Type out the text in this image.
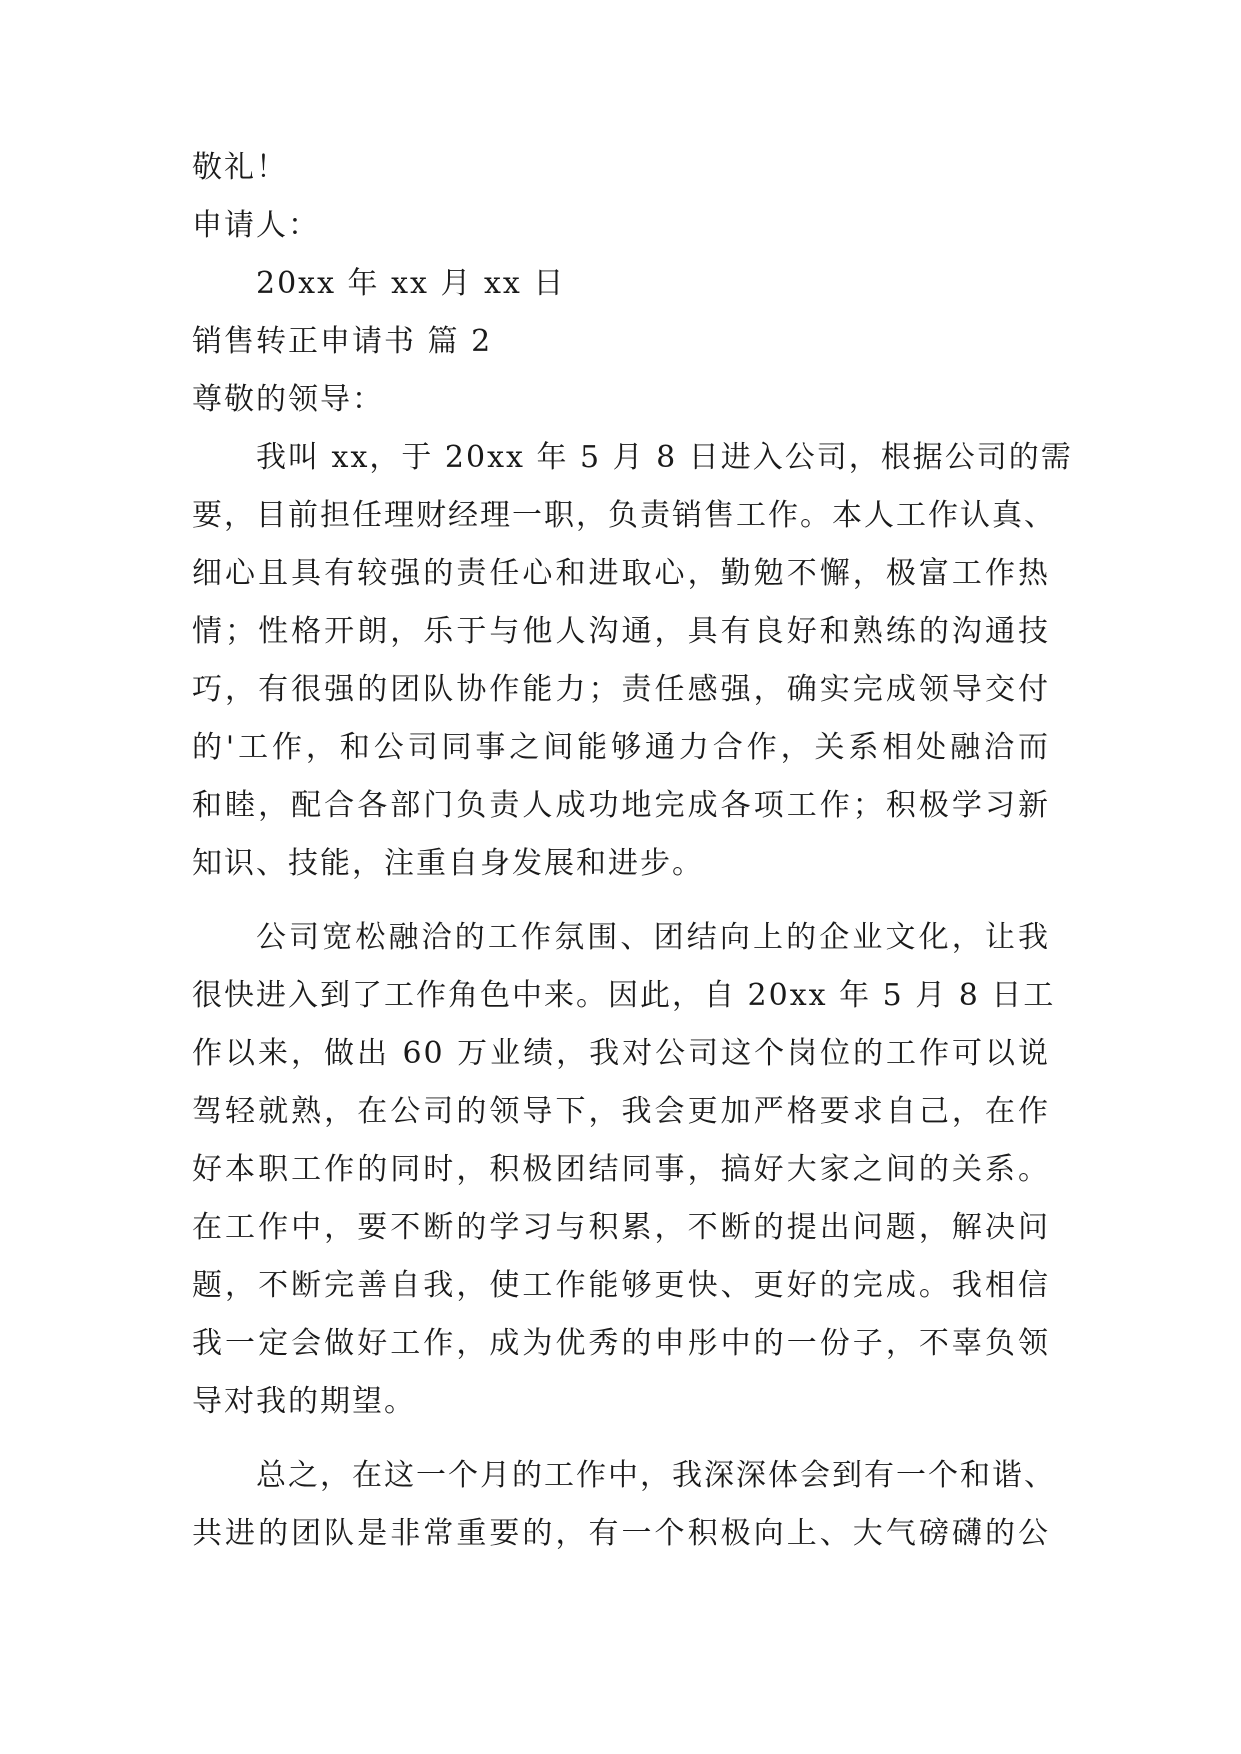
敬礼！
申请人：
20xx 年 xx 月 xx 日
销售转正申请书 篇 2
尊敬的领导：
我叫 xx，于 20xx 年 5 月 8 日进入公司，根据公司的需
要，目前担任理财经理一职，负责销售工作。本人工作认真、
细心且具有较强的责任心和进取心，勤勉不懈，极富工作热
情；性格开朗，乐于与他人沟通，具有良好和熟练的沟通技
巧，有很强的团队协作能力；责任感强，确实完成领导交付
的'工作，和公司同事之间能够通力合作，关系相处融洽而
和睦，配合各部门负责人成功地完成各项工作；积极学习新
知识、技能，注重自身发展和进步。
公司宽松融洽的工作氛围、团结向上的企业文化，让我
很快进入到了工作角色中来。因此，自 20xx 年 5 月 8 日工
作以来，做出 60 万业绩，我对公司这个岗位的工作可以说
驾轻就熟，在公司的领导下，我会更加严格要求自己，在作
好本职工作的同时，积极团结同事，搞好大家之间的关系。
在工作中，要不断的学习与积累，不断的提出问题，解决问
题，不断完善自我，使工作能够更快、更好的完成。我相信
我一定会做好工作，成为优秀的申彤中的一份子，不辜负领
导对我的期望。
总之，在这一个月的工作中，我深深体会到有一个和谐、
共进的团队是非常重要的，有一个积极向上、大气磅礴的公
